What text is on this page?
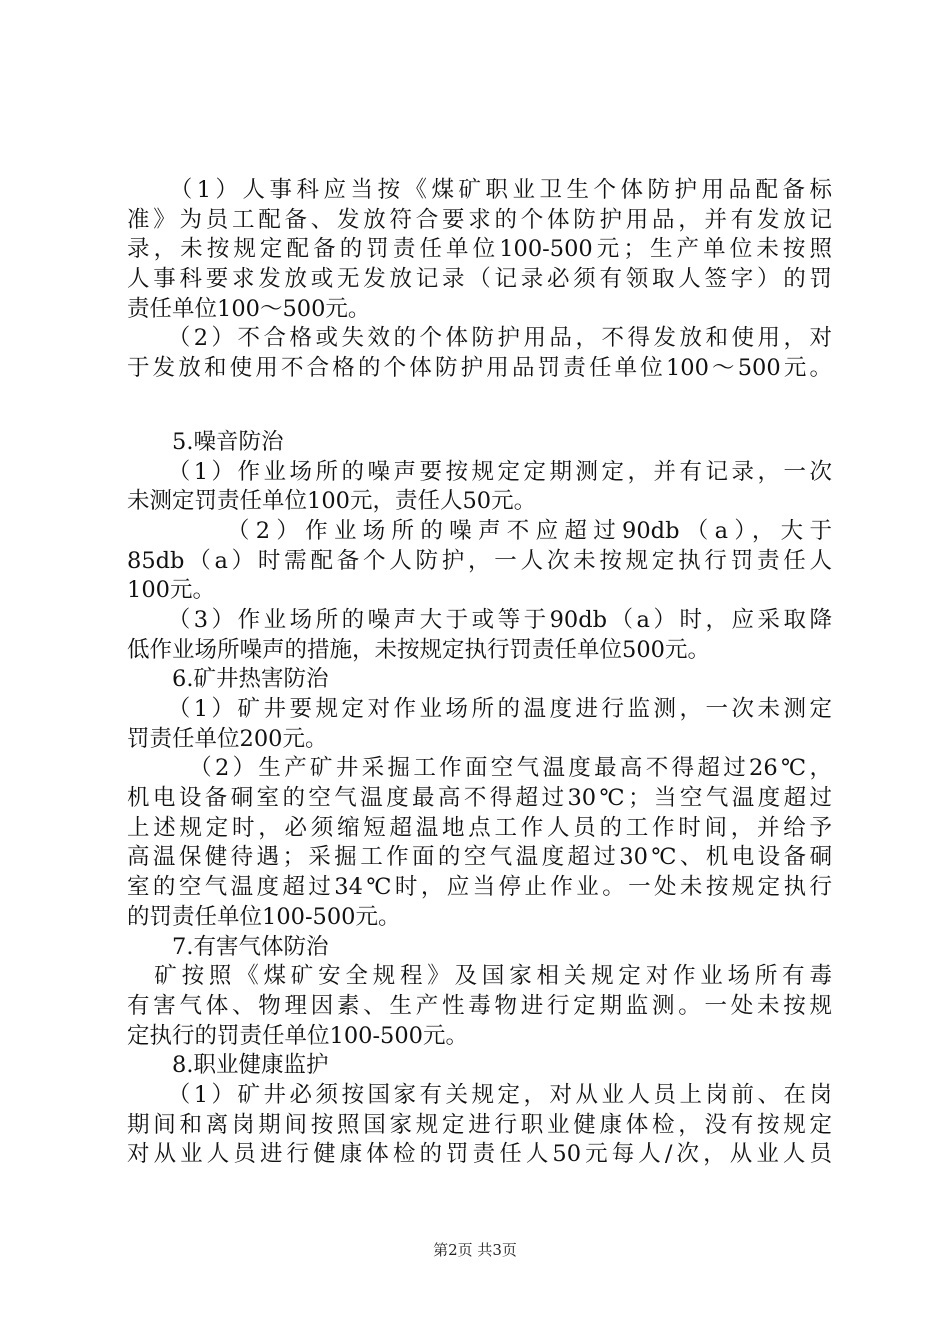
　　（1）人事科应当按《煤矿职业卫生个体防护用品配备标
准》为员工配备、发放符合要求的个体防护用品，并有发放记
录，未按规定配备的罚责任单位100-500元；生产单位未按照
人事科要求发放或无发放记录（记录必须有领取人签字）的罚
责任单位100～500元。
　　（2）不合格或失效的个体防护用品，不得发放和使用，对
于发放和使用不合格的个体防护用品罚责任单位100～500元。
　　5.噪音防治
　　（1）作业场所的噪声要按规定定期测定，并有记录，一次
未测定罚责任单位100元，责任人50元。
　　　 （2）作业场所的噪声不应超过90db（a），大于
85db（a）时需配备个人防护，一人次未按规定执行罚责任人
100元。
　　（3）作业场所的噪声大于或等于90db（a）时，应采取降
低作业场所噪声的措施，未按规定执行罚责任单位500元。
　　6.矿井热害防治
　　（1）矿井要规定对作业场所的温度进行监测，一次未测定
罚责任单位200元。
　　 （2）生产矿井采掘工作面空气温度最高不得超过26℃，
机电设备硐室的空气温度最高不得超过30℃；当空气温度超过
上述规定时，必须缩短超温地点工作人员的工作时间，并给予
高温保健待遇；采掘工作面的空气温度超过30℃、机电设备硐
室的空气温度超过34℃时，应当停止作业。一处未按规定执行
的罚责任单位100-500元。
　　7.有害气体防治
　矿按照《煤矿安全规程》及国家相关规定对作业场所有毒
有害气体、物理因素、生产性毒物进行定期监测。一处未按规
定执行的罚责任单位100-500元。
　　8.职业健康监护
　　（1）矿井必须按国家有关规定，对从业人员上岗前、在岗
期间和离岗期间按照国家规定进行职业健康体检，没有按规定
对从业人员进行健康体检的罚责任人50元每人/次，从业人员
第2页 共3页
